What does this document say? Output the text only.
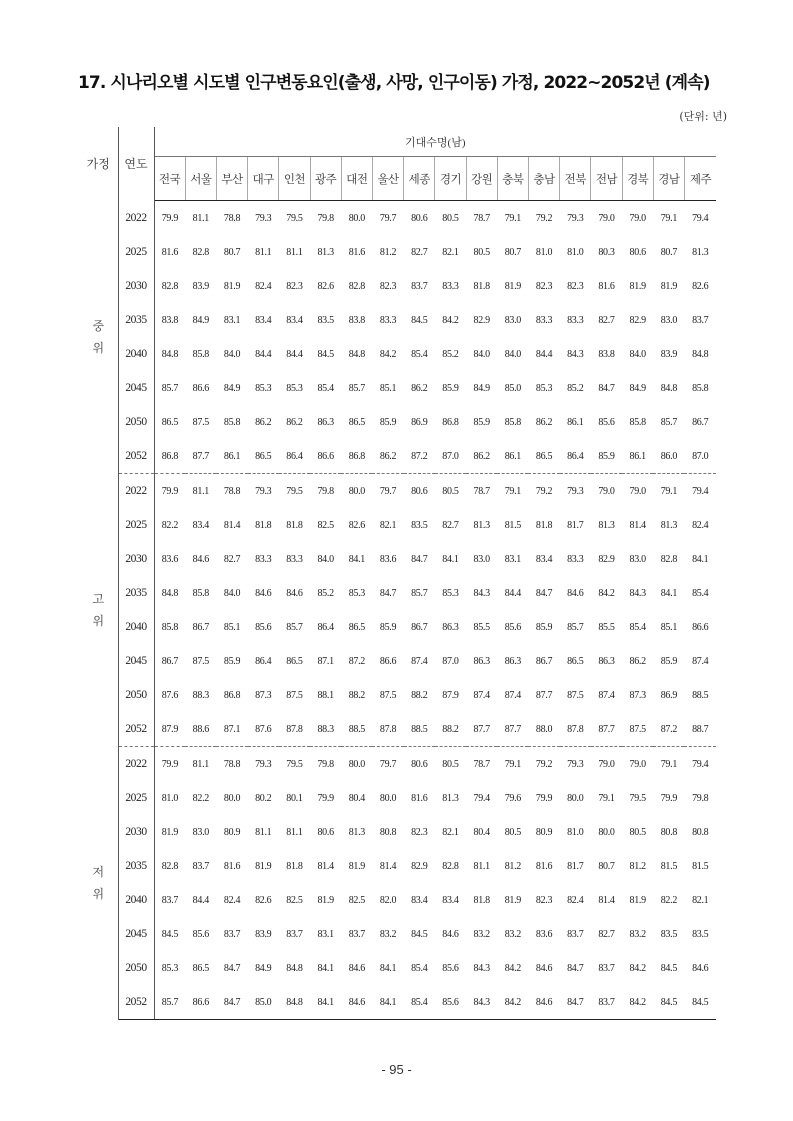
17. 시나리오별 시도별 인구변동요인(출생, 사망, 인구이동) 가정, 2022~2052년 (계속)
(단위: 년)
가정	연도	기대수명(남)																	
		전국	서울	부산	대구	인천	광주	대전	울산	세종	경기	강원	충북	충남	전북	전남	경북	경남	제주

중
위	2022	79.9	81.1	78.8	79.3	79.5	79.8	80.0	79.7	80.6	80.5	78.7	79.1	79.2	79.3	79.0	79.0	79.1	79.4
	2025	81.6	82.8	80.7	81.1	81.1	81.3	81.6	81.2	82.7	82.1	80.5	80.7	81.0	81.0	80.3	80.6	80.7	81.3
	2030	82.8	83.9	81.9	82.4	82.3	82.6	82.8	82.3	83.7	83.3	81.8	81.9	82.3	82.3	81.6	81.9	81.9	82.6
	2035	83.8	84.9	83.1	83.4	83.4	83.5	83.8	83.3	84.5	84.2	82.9	83.0	83.3	83.3	82.7	82.9	83.0	83.7
	2040	84.8	85.8	84.0	84.4	84.4	84.5	84.8	84.2	85.4	85.2	84.0	84.0	84.4	84.3	83.8	84.0	83.9	84.8
	2045	85.7	86.6	84.9	85.3	85.3	85.4	85.7	85.1	86.2	85.9	84.9	85.0	85.3	85.2	84.7	84.9	84.8	85.8
	2050	86.5	87.5	85.8	86.2	86.2	86.3	86.5	85.9	86.9	86.8	85.9	85.8	86.2	86.1	85.6	85.8	85.7	86.7
	2052	86.8	87.7	86.1	86.5	86.4	86.6	86.8	86.2	87.2	87.0	86.2	86.1	86.5	86.4	85.9	86.1	86.0	87.0

고
위	2022	79.9	81.1	78.8	79.3	79.5	79.8	80.0	79.7	80.6	80.5	78.7	79.1	79.2	79.3	79.0	79.0	79.1	79.4
	2025	82.2	83.4	81.4	81.8	81.8	82.5	82.6	82.1	83.5	82.7	81.3	81.5	81.8	81.7	81.3	81.4	81.3	82.4
	2030	83.6	84.6	82.7	83.3	83.3	84.0	84.1	83.6	84.7	84.1	83.0	83.1	83.4	83.3	82.9	83.0	82.8	84.1
	2035	84.8	85.8	84.0	84.6	84.6	85.2	85.3	84.7	85.7	85.3	84.3	84.4	84.7	84.6	84.2	84.3	84.1	85.4
	2040	85.8	86.7	85.1	85.6	85.7	86.4	86.5	85.9	86.7	86.3	85.5	85.6	85.9	85.7	85.5	85.4	85.1	86.6
	2045	86.7	87.5	85.9	86.4	86.5	87.1	87.2	86.6	87.4	87.0	86.3	86.3	86.7	86.5	86.3	86.2	85.9	87.4
	2050	87.6	88.3	86.8	87.3	87.5	88.1	88.2	87.5	88.2	87.9	87.4	87.4	87.7	87.5	87.4	87.3	86.9	88.5
	2052	87.9	88.6	87.1	87.6	87.8	88.3	88.5	87.8	88.5	88.2	87.7	87.7	88.0	87.8	87.7	87.5	87.2	88.7

저
위	2022	79.9	81.1	78.8	79.3	79.5	79.8	80.0	79.7	80.6	80.5	78.7	79.1	79.2	79.3	79.0	79.0	79.1	79.4
	2025	81.0	82.2	80.0	80.2	80.1	79.9	80.4	80.0	81.6	81.3	79.4	79.6	79.9	80.0	79.1	79.5	79.9	79.8
	2030	81.9	83.0	80.9	81.1	81.1	80.6	81.3	80.8	82.3	82.1	80.4	80.5	80.9	81.0	80.0	80.5	80.8	80.8
	2035	82.8	83.7	81.6	81.9	81.8	81.4	81.9	81.4	82.9	82.8	81.1	81.2	81.6	81.7	80.7	81.2	81.5	81.5
	2040	83.7	84.4	82.4	82.6	82.5	81.9	82.5	82.0	83.4	83.4	81.8	81.9	82.3	82.4	81.4	81.9	82.2	82.1
	2045	84.5	85.6	83.7	83.9	83.7	83.1	83.7	83.2	84.5	84.6	83.2	83.2	83.6	83.7	82.7	83.2	83.5	83.5
	2050	85.3	86.5	84.7	84.9	84.8	84.1	84.6	84.1	85.4	85.6	84.3	84.2	84.6	84.7	83.7	84.2	84.5	84.6
	2052	85.7	86.6	84.7	85.0	84.8	84.1	84.6	84.1	85.4	85.6	84.3	84.2	84.6	84.7	83.7	84.2	84.5	84.5
- 95 -
